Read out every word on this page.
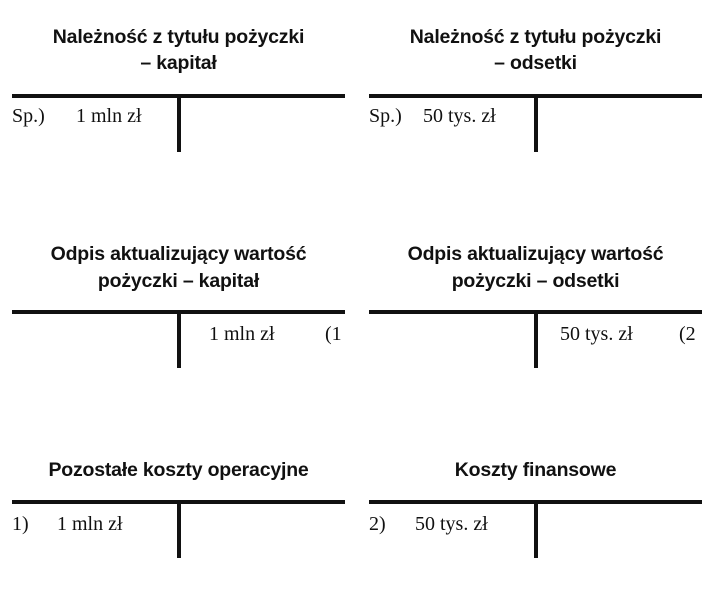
Należność z tytułu pożyczki
– kapitał
Sp.) 1 mln zł
Należność z tytułu pożyczki
– odsetki
Sp.) 50 tys. zł
Odpis aktualizujący wartość
pożyczki – kapitał
1 mln zł	(1
Odpis aktualizujący wartość
pożyczki – odsetki
50 tys. zł (2
Pozostałe koszty operacyjne
1) 1 mln zł
Koszty finansowe
2) 50 tys. zł
